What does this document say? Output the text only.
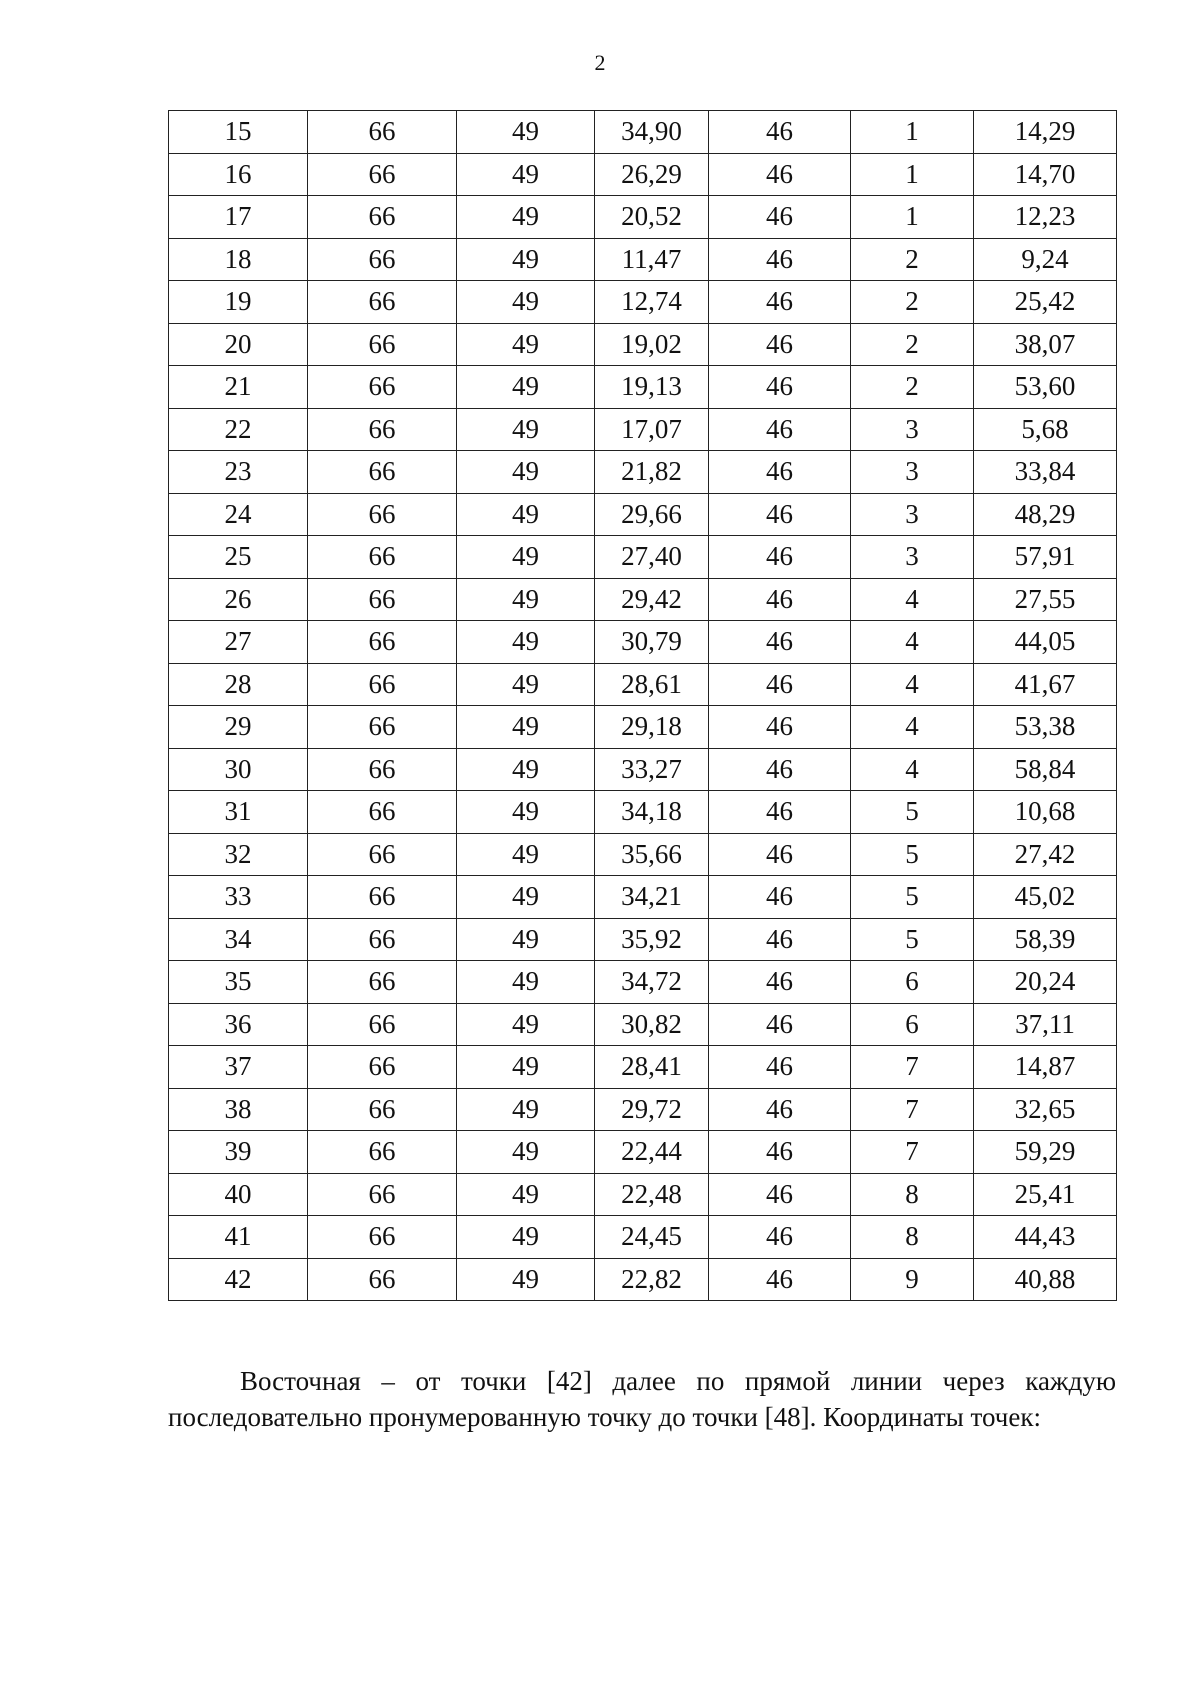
2
15	66	49	34,90	46	1	14,29
16	66	49	26,29	46	1	14,70
17	66	49	20,52	46	1	12,23
18	66	49	11,47	46	2	9,24
19	66	49	12,74	46	2	25,42
20	66	49	19,02	46	2	38,07
21	66	49	19,13	46	2	53,60
22	66	49	17,07	46	3	5,68
23	66	49	21,82	46	3	33,84
24	66	49	29,66	46	3	48,29
25	66	49	27,40	46	3	57,91
26	66	49	29,42	46	4	27,55
27	66	49	30,79	46	4	44,05
28	66	49	28,61	46	4	41,67
29	66	49	29,18	46	4	53,38
30	66	49	33,27	46	4	58,84
31	66	49	34,18	46	5	10,68
32	66	49	35,66	46	5	27,42
33	66	49	34,21	46	5	45,02
34	66	49	35,92	46	5	58,39
35	66	49	34,72	46	6	20,24
36	66	49	30,82	46	6	37,11
37	66	49	28,41	46	7	14,87
38	66	49	29,72	46	7	32,65
39	66	49	22,44	46	7	59,29
40	66	49	22,48	46	8	25,41
41	66	49	24,45	46	8	44,43
42	66	49	22,82	46	9	40,88
Восточная – от точки [42] далее по прямой линии через каждую последовательно пронумерованную точку до точки [48]. Координаты точек:
